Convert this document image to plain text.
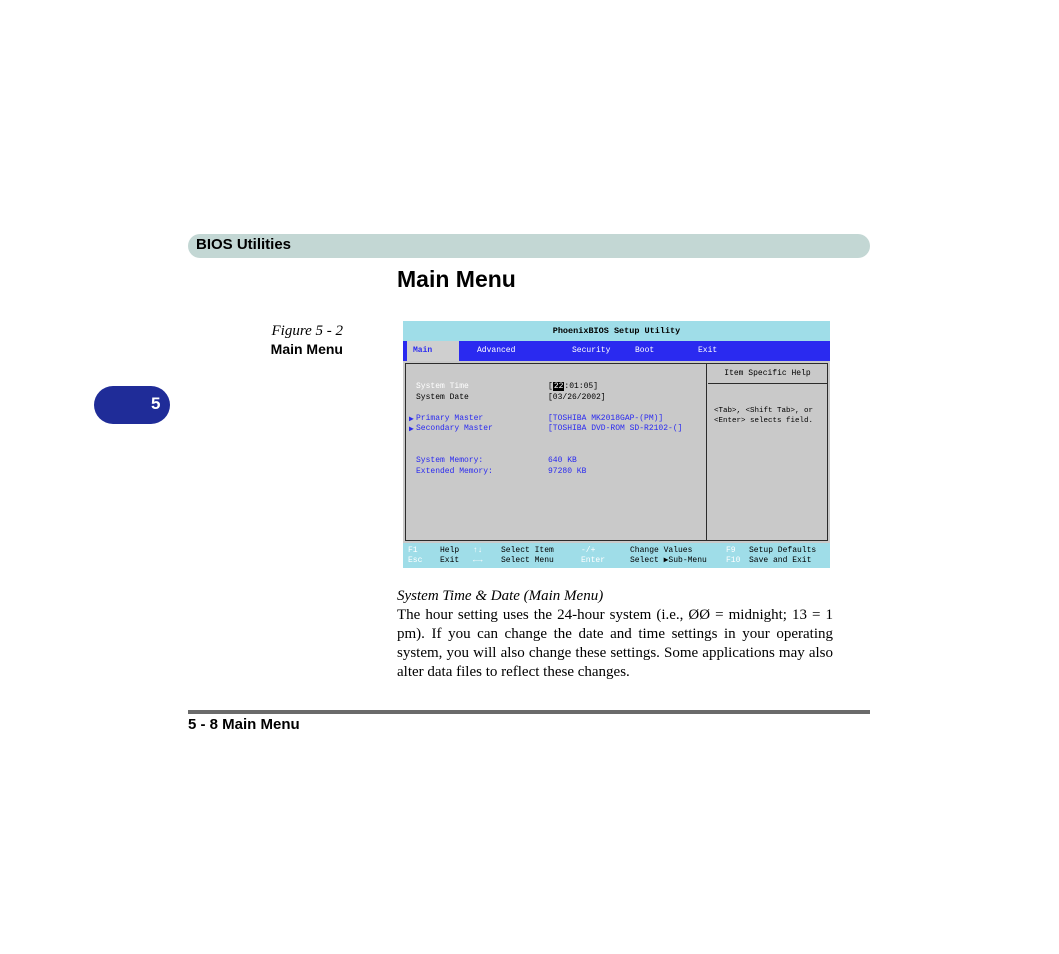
BIOS Utilities
5
Main Menu
Figure 5 - 2
Main Menu
PhoenixBIOS Setup Utility
Main	Advanced	Security	Boot	Exit
System Time	[22:01:05]
System Date	[03/26/2002]
▶ Primary Master	[TOSHIBA MK2018GAP-(PM)]
▶ Secondary Master	[TOSHIBA DVD-ROM SD-R2102-(]
System Memory:	640 KB
Extended Memory:	97280 KB
Item Specific Help
<Tab>, <Shift Tab>, or <Enter> selects field.
F1	Help
Esc Exit
↑↓ Select Item
←→ Select Menu
-/+	Change Values
Enter	Select ▶Sub-Menu
F9 Setup Defaults
F10 Save and Exit
System Time & Date (Main Menu)
The hour setting uses the 24-hour system (i.e., ØØ = midnight; 13 = 1 pm). If you can change the date and time settings in your operating system, you will also change these settings. Some applications may also alter data files to reflect these changes.
5 - 8 Main Menu
